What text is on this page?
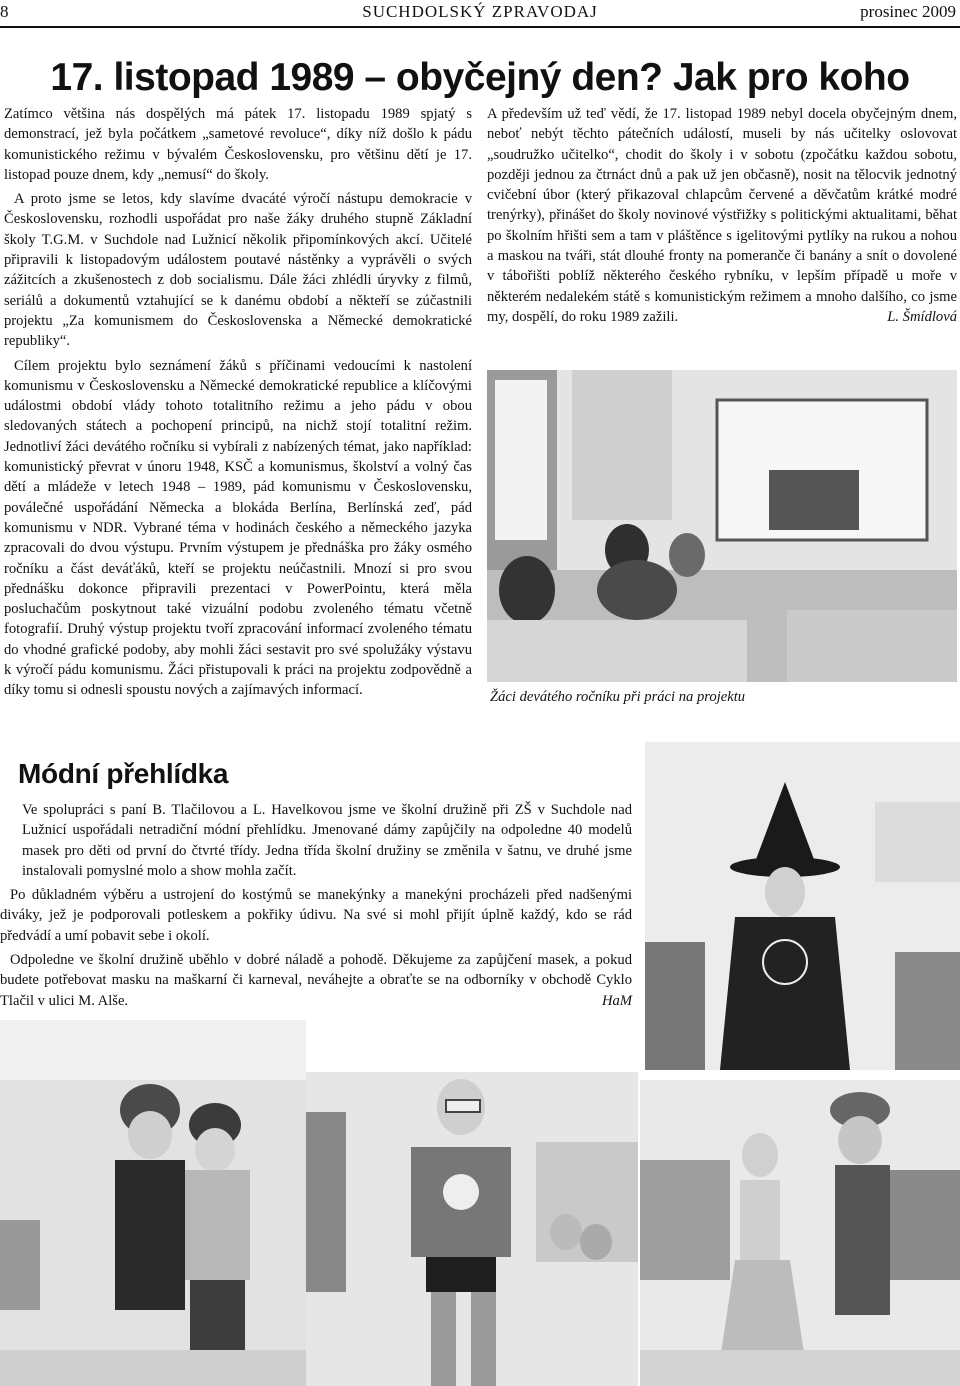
8	SUCHDOLSKÝ ZPRAVODAJ	prosinec 2009
17. listopad 1989 – obyčejný den? Jak pro koho

Zatímco většina nás dospělých má pátek 17. listopadu 1989 spjatý s demonstrací, jež byla počátkem „sametové revoluce“, díky níž došlo k pádu komunistického režimu v bývalém Československu, pro většinu dětí je 17. listopad pouze dnem, kdy „nemusí“ do školy.

A proto jsme se letos, kdy slavíme dvacáté výročí nástupu demokracie v Československu, rozhodli uspořádat pro naše žáky druhého stupně Základní školy T.G.M. v Suchdole nad Lužnicí několik připomínkových akcí. Učitelé připravili k listopadovým událostem poutavé nástěnky a vyprávěli o svých zážitcích a zkušenostech z dob socialismu. Dále žáci zhlédli úryvky z filmů, seriálů a dokumentů vztahující se k danému období a někteří se zúčastnili projektu „Za komunismem do Československa a Německé demokratické republiky“.

Cílem projektu bylo seznámení žáků s příčinami vedoucími k nastolení komunismu v Československu a Německé demokratické republice a klíčovými událostmi období vlády tohoto totalitního režimu a jeho pádu v obou sledovaných státech a pochopení principů, na nichž stojí totalitní režim. Jednotliví žáci devátého ročníku si vybírali z nabízených témat, jako například: komunistický převrat v únoru 1948, KSČ a komunismus, školství a volný čas dětí a mládeže v letech 1948 – 1989, pád komunismu v Československu, poválečné uspořádání Německa a blokáda Berlína, Berlínská zeď, pád komunismu v NDR. Vybrané téma v hodinách českého a německého jazyka zpracovali do dvou výstupu. Prvním výstupem je přednáška pro žáky osmého ročníku a část deváťáků, kteří se projektu neúčastnili. Mnozí si pro svou přednášku dokonce připravili prezentaci v PowerPointu, která měla posluchačům poskytnout také vizuální podobu zvoleného tématu včetně fotografií. Druhý výstup projektu tvoří zpracování informací zvoleného tématu do vhodné grafické podoby, aby mohli žáci sestavit pro své spolužáky výstavu k výročí pádu komunismu. Žáci přistupovali k práci na projektu zodpovědně a díky tomu si odnesli spoustu nových a zajímavých informací.

A především už teď vědí, že 17. listopad 1989 nebyl docela obyčejným dnem, neboť nebýt těchto pátečních událostí, museli by nás učitelky oslovovat „soudružko učitelko“, chodit do školy i v sobotu (zpočátku každou sobotu, později jednou za čtrnáct dnů a pak už jen občasně), nosit na tělocvik jednotný cvičební úbor (který přikazoval chlapcům červené a děvčatům krátké modré trenýrky), přinášet do školy novinové výstřižky s politickými aktualitami, běhat po školním hřišti sem a tam v pláštěnce s igelitovými pytlíky na rukou a nohou a maskou na tváři, stát dlouhé fronty na pomeranče či banány a snít o dovolené v tábořišti poblíž některého českého rybníku, v lepším případě u moře v některém nedalekém státě s komunistickým režimem a mnoho dalšího, co jsme my, dospělí, do roku 1989 zažili.	L. Šmídlová

Žáci devátého ročníku při práci na projektu
Módní přehlídka

Ve spolupráci s paní B. Tlačilovou a L. Havelkovou jsme ve školní družině při ZŠ v Suchdole nad Lužnicí uspořádali netradiční módní přehlídku. Jmenované dámy zapůjčily na odpoledne 40 modelů masek pro děti od první do čtvrté třídy. Jedna třída školní družiny se změnila v šatnu, ve druhé jsme instalovali pomyslné molo a show mohla začít.

Po důkladném výběru a ustrojení do kostýmů se manekýnky a manekýni procházeli před nadšenými diváky, jež je podporovali potleskem a pokřiky údivu. Na své si mohl přijít úplně každý, kdo se rád předvádí a umí pobavit sebe i okolí.

Odpoledne ve školní družině uběhlo v dobré náladě a pohodě. Děkujeme za zapůjčení masek, a pokud budete potřebovat masku na maškarní či karneval, neváhejte a obraťte se na odborníky v obchodě Cyklo Tlačil v ulici M. Alše.	HaM
